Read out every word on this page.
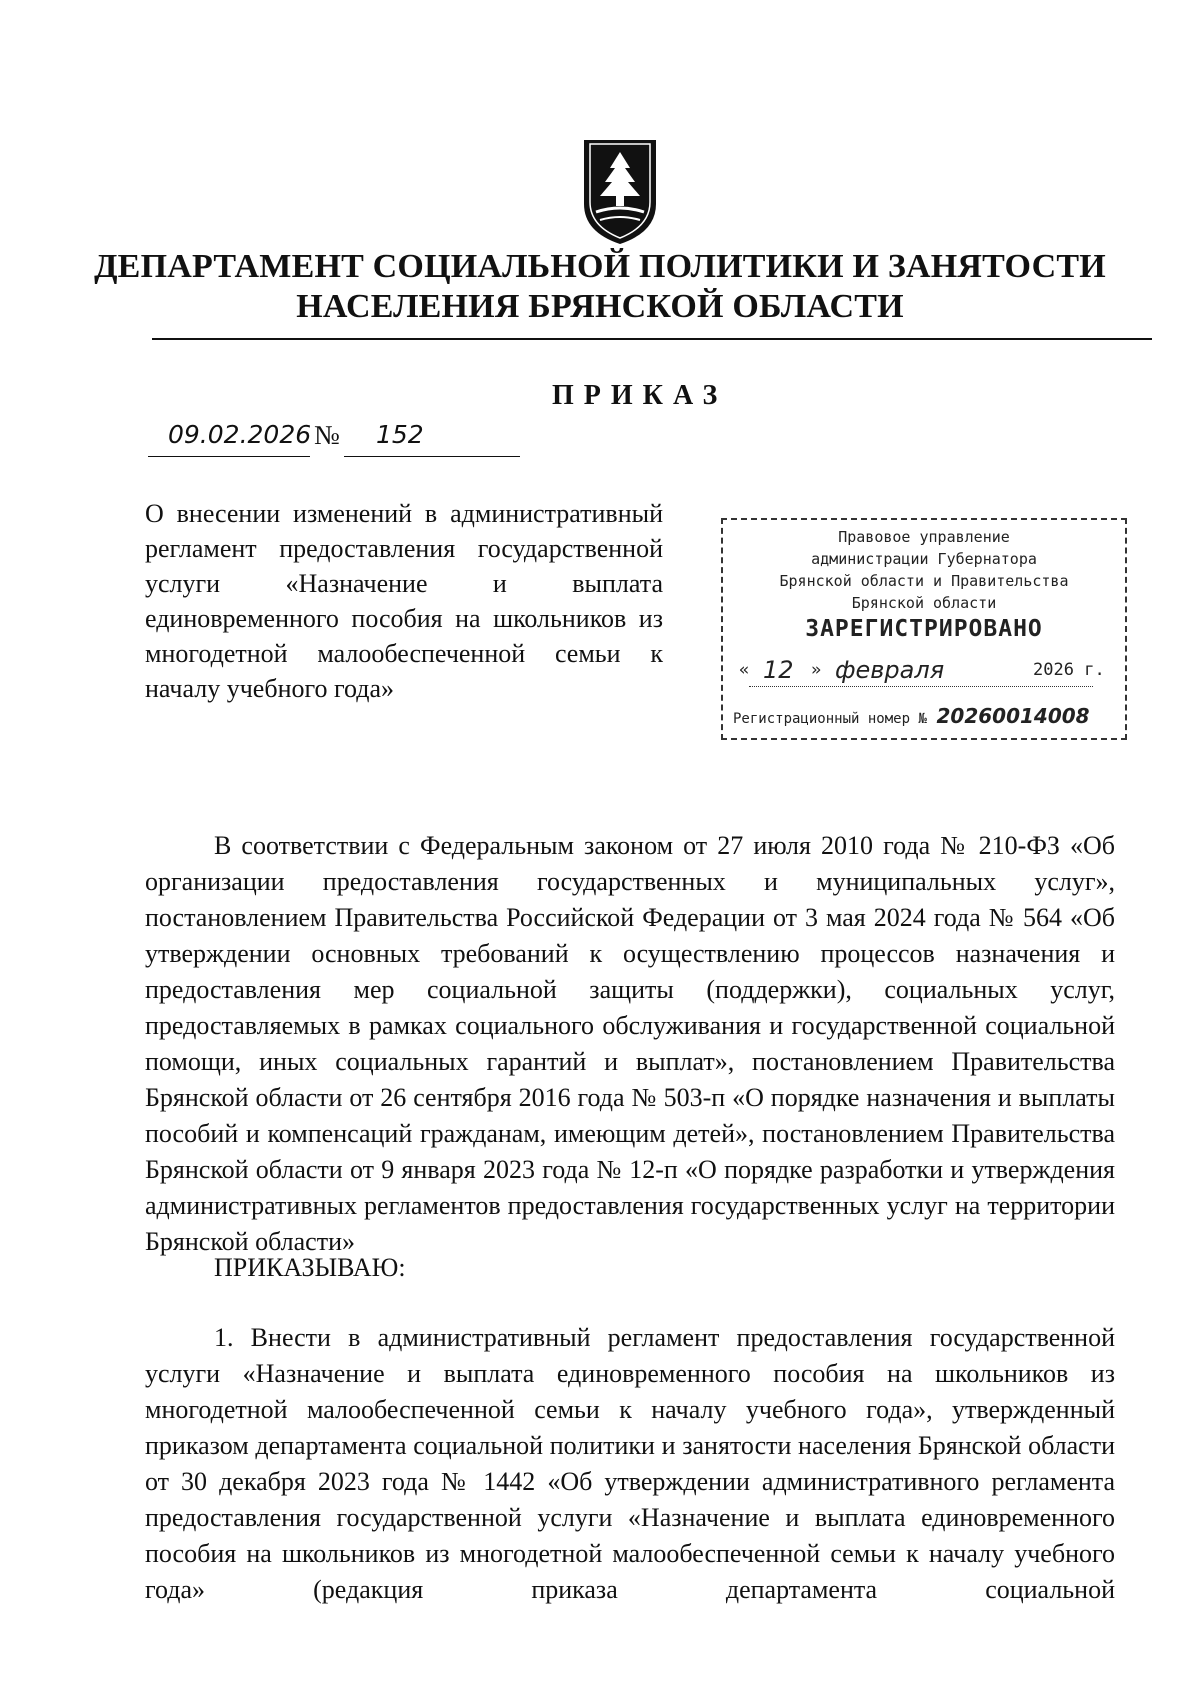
ДЕПАРТАМЕНТ СОЦИАЛЬНОЙ ПОЛИТИКИ И ЗАНЯТОСТИ
НАСЕЛЕНИЯ БРЯНСКОЙ ОБЛАСТИ
ПРИКАЗ
09.02.2026 № 152
О внесении изменений в административный регламент предоставления государственной услуги «Назначение и выплата единовременного пособия на школьников из многодетной малообеспеченной семьи к началу учебного года»
Правовое управление
администрации Губернатора
Брянской области и Правительства
Брянской области
ЗАРЕГИСТРИРОВАНО
« 12 » февраля	2026 г.
Регистрационный номер № 20260014008

В соответствии с Федеральным законом от 27 июля 2010 года № 210-ФЗ «Об организации предоставления государственных и муниципальных услуг», постановлением Правительства Российской Федерации от 3 мая 2024 года № 564 «Об утверждении основных требований к осуществлению процессов назначения и предоставления мер социальной защиты (поддержки), социальных услуг, предоставляемых в рамках социального обслуживания и государственной социальной помощи, иных социальных гарантий и выплат», постановлением Правительства Брянской области от 26 сентября 2016 года № 503-п «О порядке назначения и выплаты пособий и компенсаций гражданам, имеющим детей», постановлением Правительства Брянской области от 9 января 2023 года № 12-п «О порядке разработки и утверждения административных регламентов предоставления государственных услуг на территории Брянской области»

ПРИКАЗЫВАЮ:

1. Внести в административный регламент предоставления государственной услуги «Назначение и выплата единовременного пособия на школьников из многодетной малообеспеченной семьи к началу учебного года», утвержденный приказом департамента социальной политики и занятости населения Брянской области от 30 декабря 2023 года № 1442 «Об утверждении административного регламента предоставления государственной услуги «Назначение и выплата единовременного пособия на школьников из многодетной малообеспеченной семьи к началу учебного года» (редакция приказа департамента социальной
